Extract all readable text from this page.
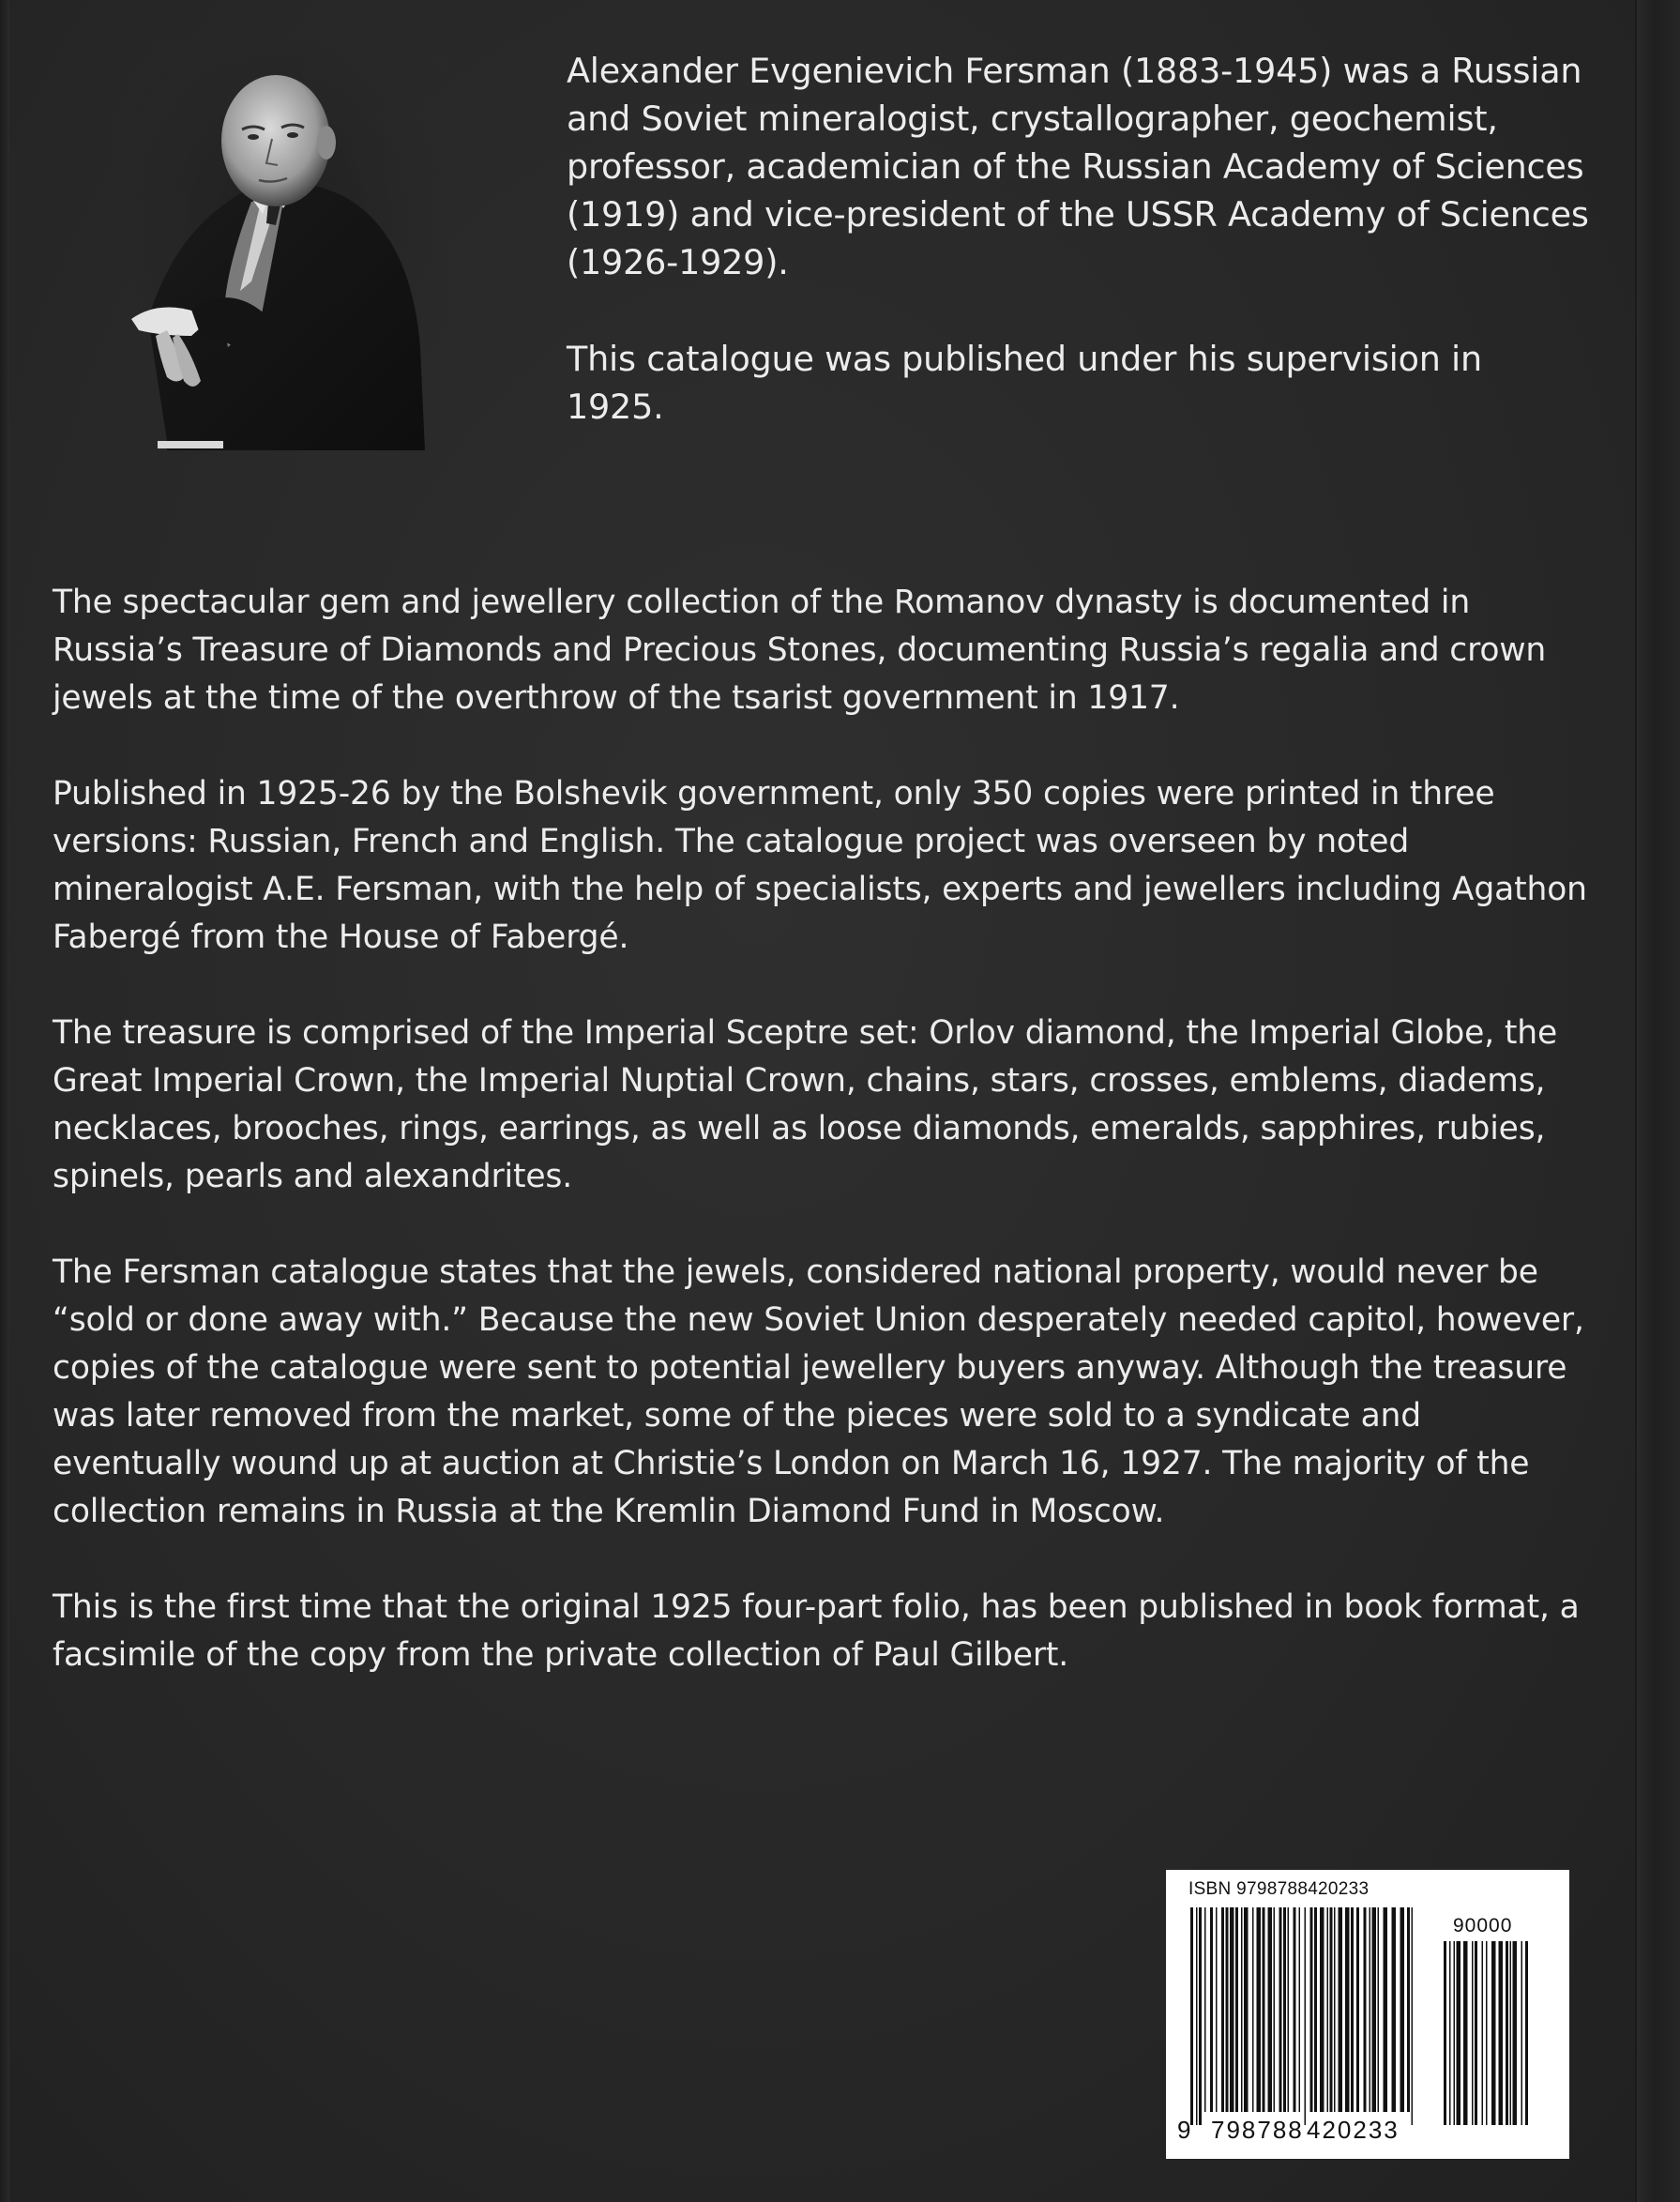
Alexander Evgenievich Fersman (1883-1945) was a Russian and Soviet mineralogist, crystallographer, geochemist, professor, academician of the Russian Academy of Sciences (1919) and vice-president of the USSR Academy of Sciences (1926-1929).

This catalogue was published under his supervision in 1925.

The spectacular gem and jewellery collection of the Romanov dynasty is documented in Russia’s Treasure of Diamonds and Precious Stones, documenting Russia’s regalia and crown jewels at the time of the overthrow of the tsarist government in 1917.

Published in 1925-26 by the Bolshevik government, only 350 copies were printed in three versions: Russian, French and English. The catalogue project was overseen by noted mineralogist A.E. Fersman, with the help of specialists, experts and jewellers including Agathon Fabergé from the House of Fabergé.

The treasure is comprised of the Imperial Sceptre set: Orlov diamond, the Imperial Globe, the Great Imperial Crown, the Imperial Nuptial Crown, chains, stars, crosses, emblems, diadems, necklaces, brooches, rings, earrings, as well as loose diamonds, emeralds, sapphires, rubies, spinels, pearls and alexandrites.

The Fersman catalogue states that the jewels, considered national property, would never be “sold or done away with.” Because the new Soviet Union desperately needed capitol, however, copies of the catalogue were sent to potential jewellery buyers anyway. Although the treasure was later removed from the market, some of the pieces were sold to a syndicate and eventually wound up at auction at Christie’s London on March 16, 1927. The majority of the collection remains in Russia at the Kremlin Diamond Fund in Moscow.

This is the first time that the original 1925 four-part folio, has been published in book format, a facsimile of the copy from the private collection of Paul Gilbert.

ISBN 9798788420233
90000
9 798788 420233
